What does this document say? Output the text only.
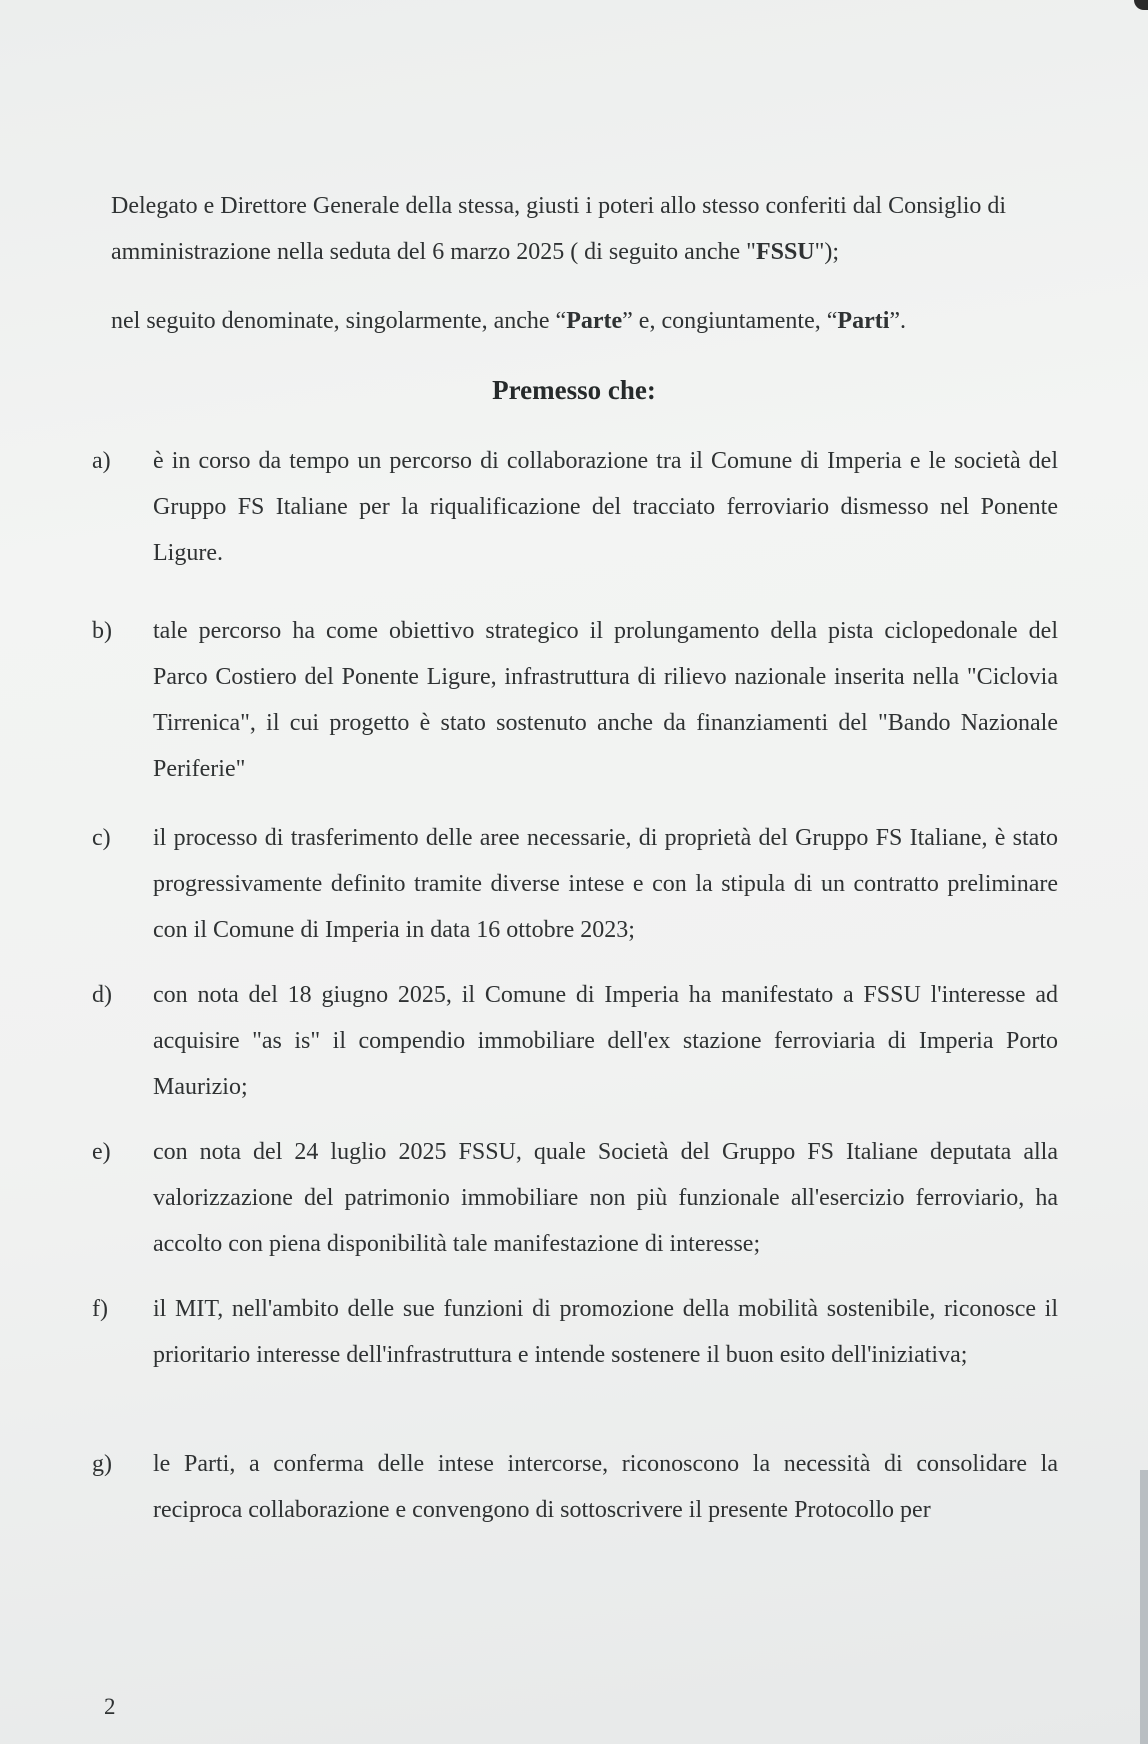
Delegato e Direttore Generale della stessa, giusti i poteri allo stesso conferiti dal Consiglio di amministrazione nella seduta del 6 marzo 2025 ( di seguito anche "FSSU");

nel seguito denominate, singolarmente, anche “Parte” e, congiuntamente, “Parti”.

Premesso che:
a) è in corso da tempo un percorso di collaborazione tra il Comune di Imperia e le società del Gruppo FS Italiane per la riqualificazione del tracciato ferroviario dismesso nel Ponente Ligure.

b) tale percorso ha come obiettivo strategico il prolungamento della pista ciclopedonale del Parco Costiero del Ponente Ligure, infrastruttura di rilievo nazionale inserita nella "Ciclovia Tirrenica", il cui progetto è stato sostenuto anche da finanziamenti del "Bando Nazionale Periferie"

c) il processo di trasferimento delle aree necessarie, di proprietà del Gruppo FS Italiane, è stato progressivamente definito tramite diverse intese e con la stipula di un contratto preliminare con il Comune di Imperia in data 16 ottobre 2023;

d) con nota del 18 giugno 2025, il Comune di Imperia ha manifestato a FSSU l'interesse ad acquisire "as is" il compendio immobiliare dell'ex stazione ferroviaria di Imperia Porto Maurizio;

e) con nota del 24 luglio 2025 FSSU, quale Società del Gruppo FS Italiane deputata alla valorizzazione del patrimonio immobiliare non più funzionale all'esercizio ferroviario, ha accolto con piena disponibilità tale manifestazione di interesse;

f) il MIT, nell'ambito delle sue funzioni di promozione della mobilità sostenibile, riconosce il prioritario interesse dell'infrastruttura e intende sostenere il buon esito dell'iniziativa;

g) le Parti, a conferma delle intese intercorse, riconoscono la necessità di consolidare la reciproca collaborazione e convengono di sottoscrivere il presente Protocollo per

2
